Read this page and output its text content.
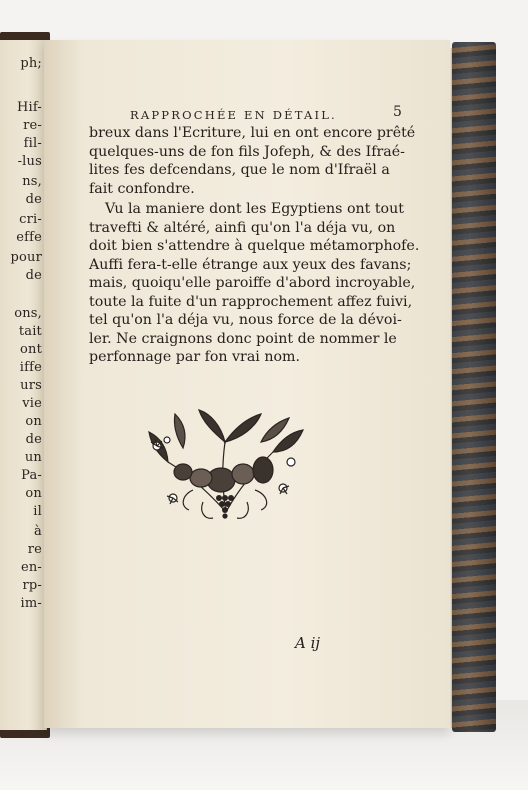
ph;
Hif-
re-
fil-
-lus
ns,
de
cri-
effe
pour
de
ons,
tait
ont
iffe
urs
vie
on
de
un
Pa-
on
il
à
re
en-
rp-
im-
RAPPROCHÉE EN DÉTAIL.	5
breux dans l'Ecriture, lui en ont encore prêté
quelques-uns de fon fils Jofeph, & des Ifraé-
lites fes defcendans, que le nom d'Ifraël a
fait confondre.
Vu la maniere dont les Egyptiens ont tout
travefti & altéré, ainfi qu'on l'a déja vu, on
doit bien s'attendre à quelque métamorphofe.
Auffi fera-t-elle étrange aux yeux des favans;
mais, quoiqu'elle paroiffe d'abord incroyable,
toute la fuite d'un rapprochement affez fuivi,
tel qu'on l'a déja vu, nous force de la dévoi-
ler. Ne craignons donc point de nommer le
perfonnage par fon vrai nom.
A ij
